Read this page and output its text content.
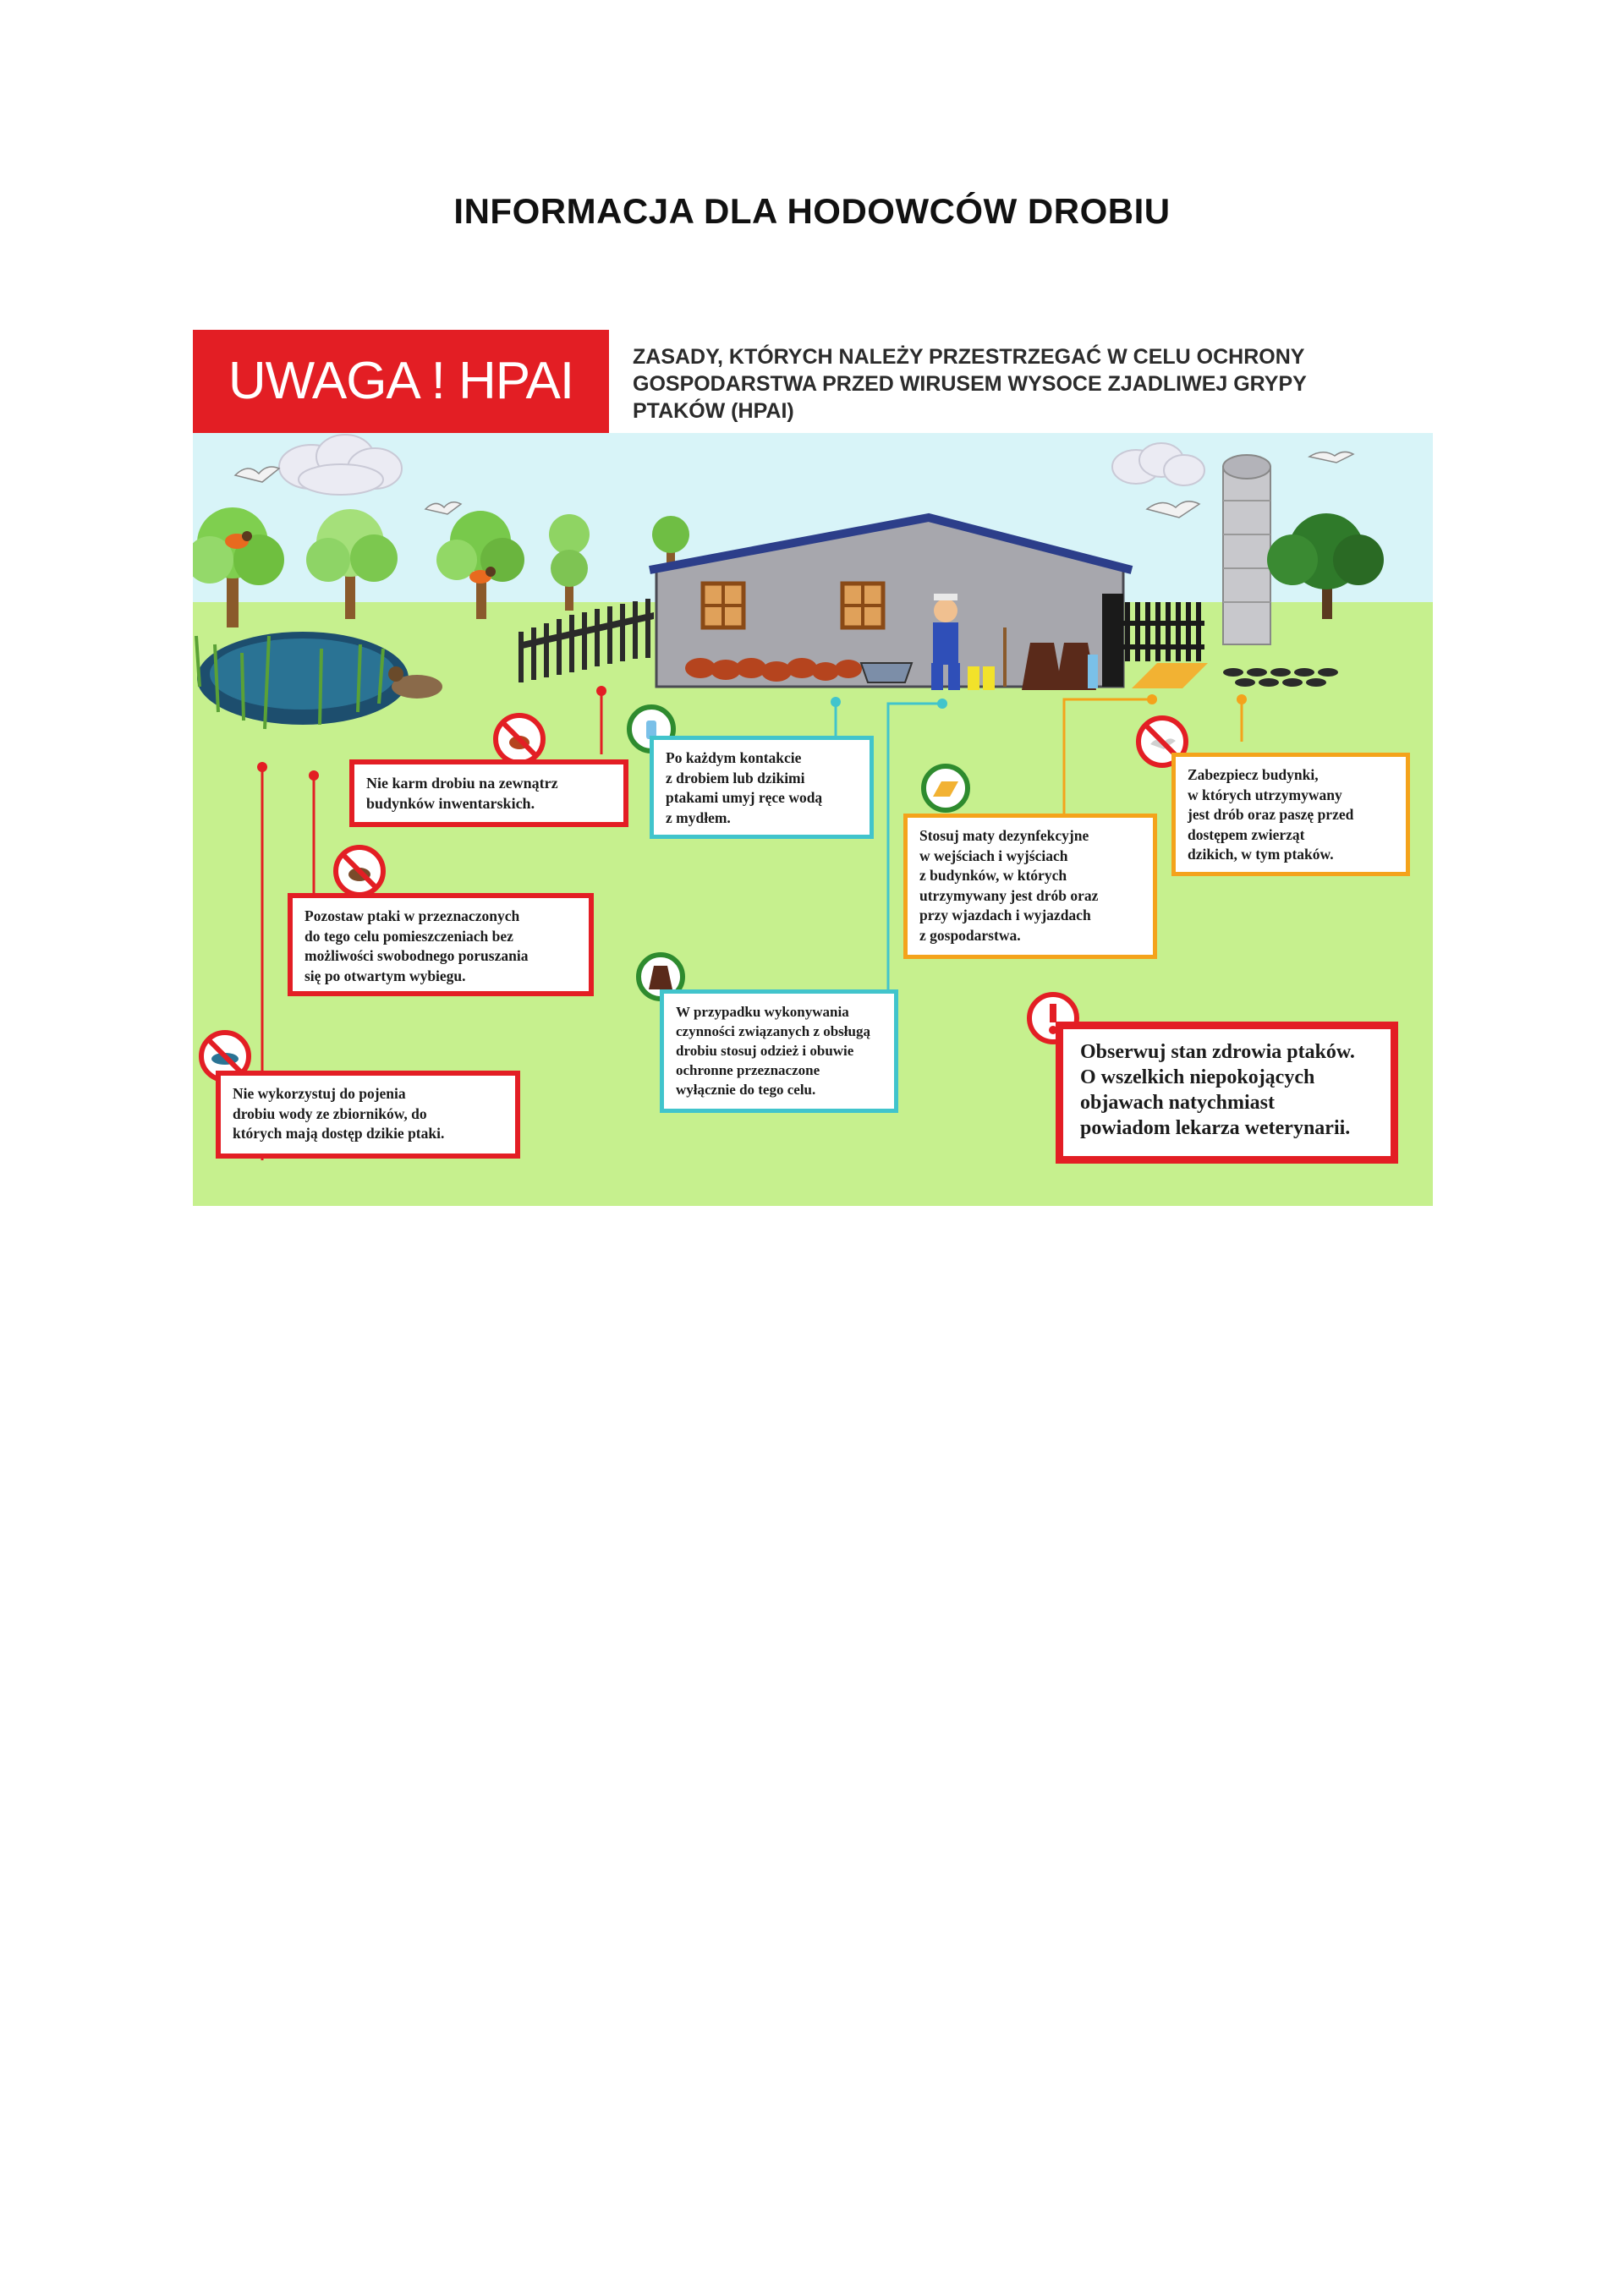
INFORMACJA DLA HODOWCÓW DROBIU
UWAGA ! HPAI	ZASADY, KTÓRYCH NALEŻY PRZESTRZEGAĆ W CELU OCHRONY
GOSPODARSTWA PRZED WIRUSEM WYSOCE ZJADLIWEJ GRYPY
PTAKÓW (HPAI)
Nie karm drobiu na zewnątrz
budynków inwentarskich.
Pozostaw ptaki w przeznaczonych
do tego celu pomieszczeniach bez
możliwości swobodnego poruszania
się po otwartym wybiegu.
Nie wykorzystuj do pojenia
drobiu wody ze zbiorników, do
których mają dostęp dzikie ptaki.
Po każdym kontakcie
z drobiem lub dzikimi
ptakami umyj ręce wodą
z mydłem.
W przypadku wykonywania
czynności związanych z obsługą
drobiu stosuj odzież i obuwie
ochronne przeznaczone
wyłącznie do tego celu.
Stosuj maty dezynfekcyjne
w wejściach i wyjściach
z budynków, w których
utrzymywany jest drób oraz
przy wjazdach i wyjazdach
z gospodarstwa.
Zabezpiecz budynki,
w których utrzymywany
jest drób oraz paszę przed
dostępem zwierząt
dzikich, w tym ptaków.
Obserwuj stan zdrowia ptaków.
O wszelkich niepokojących
objawach natychmiast
powiadom lekarza weterynarii.
